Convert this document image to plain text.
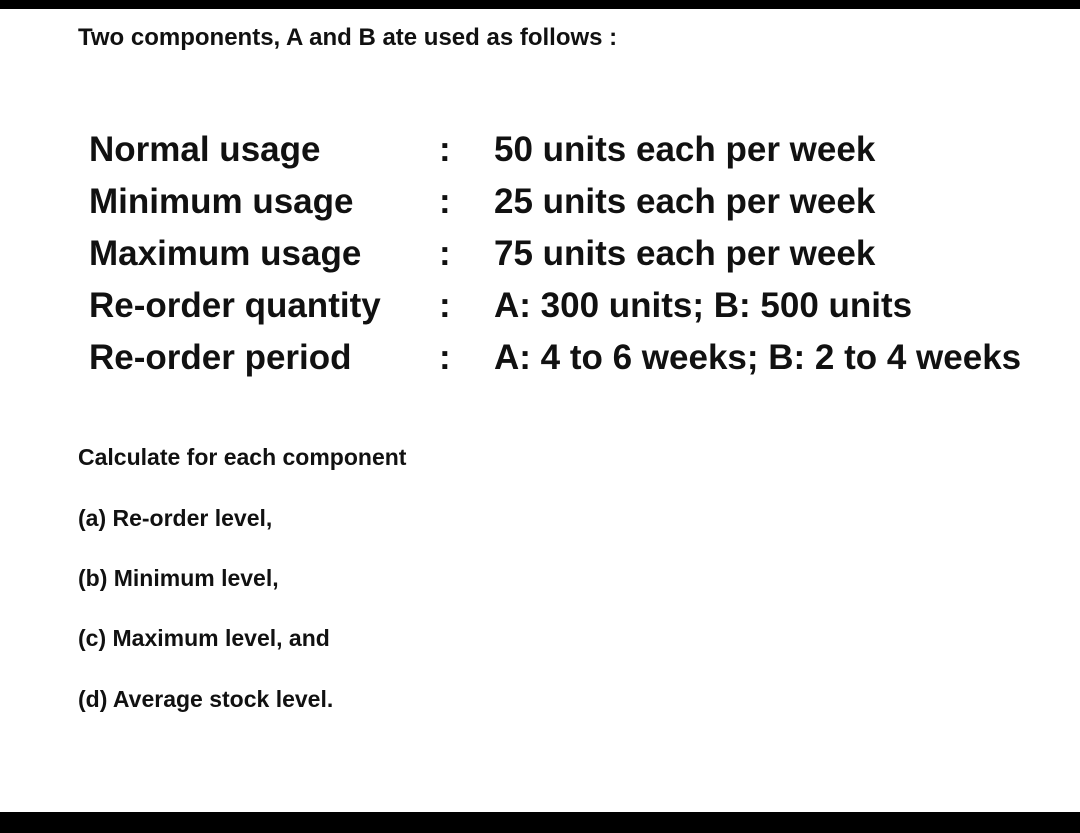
Two components, A and B ate used as follows :
Normal usage	: 50 units each per week
Minimum usage : 25 units each per week
Maximum usage : 75 units each per week
Re-order quantity : A: 300 units; B: 500 units
Re-order period : A: 4 to 6 weeks; B: 2 to 4 weeks
Calculate for each component
(a) Re-order level,
(b) Minimum level,
(c) Maximum level, and
(d) Average stock level.
